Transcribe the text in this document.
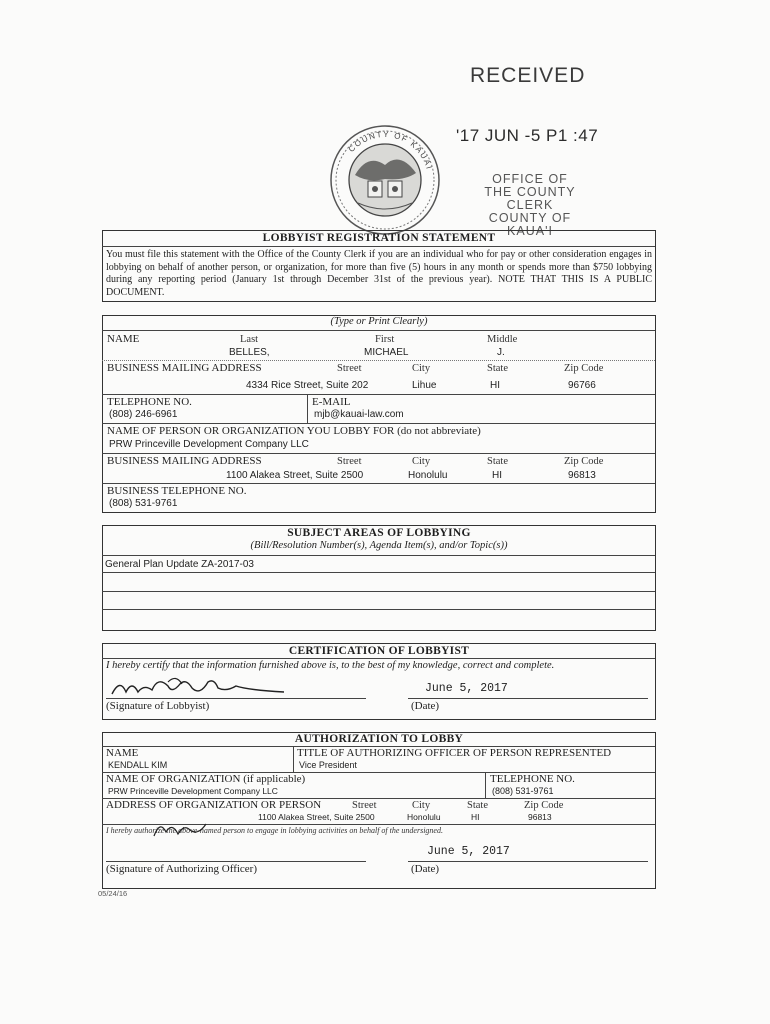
RECEIVED
'17 JUN -5 P1 :47
OFFICE OF
THE COUNTY CLERK
COUNTY OF KAUA'I
COUNTY OF KAUAI
LOBBYIST REGISTRATION STATEMENT
You must file this statement with the Office of the County Clerk if you are an individual who for pay or other consideration engages in lobbying on behalf of another person, or organization, for more than five (5) hours in any month or spends more than $750 lobbying during any reporting period (January 1st through December 31st of the previous year). NOTE THAT THIS IS A PUBLIC DOCUMENT.
(Type or Print Clearly)
NAME	Last	First	Middle
BELLES,	MICHAEL	J.
BUSINESS MAILING ADDRESS	Street	City	State	Zip Code
4334 Rice Street, Suite 202	Lihue	HI	96766
TELEPHONE NO.
(808) 246-6961
E-MAIL
mjb@kauai-law.com
NAME OF PERSON OR ORGANIZATION YOU LOBBY FOR (do not abbreviate)
PRW Princeville Development Company LLC
BUSINESS MAILING ADDRESS	Street	City	State	Zip Code
1100 Alakea Street, Suite 2500	Honolulu	HI	96813
BUSINESS TELEPHONE NO.
(808) 531-9761
SUBJECT AREAS OF LOBBYING
(Bill/Resolution Number(s), Agenda Item(s), and/or Topic(s))
General Plan Update ZA-2017-03
CERTIFICATION OF LOBBYIST
I hereby certify that the information furnished above is, to the best of my knowledge, correct and complete.
June 5, 2017
(Signature of Lobbyist)	(Date)
AUTHORIZATION TO LOBBY
NAME
KENDALL KIM
TITLE OF AUTHORIZING OFFICER OF PERSON REPRESENTED
Vice President
NAME OF ORGANIZATION (if applicable)
PRW Princeville Development Company LLC
TELEPHONE NO.
(808) 531-9761
ADDRESS OF ORGANIZATION OR PERSON	Street	City	State	Zip Code
1100 Alakea Street, Suite 2500	Honolulu	HI	96813
I hereby authorize the above-named person to engage in lobbying activities on behalf of the undersigned.
June 5, 2017
(Signature of Authorizing Officer)	(Date)
05/24/16
